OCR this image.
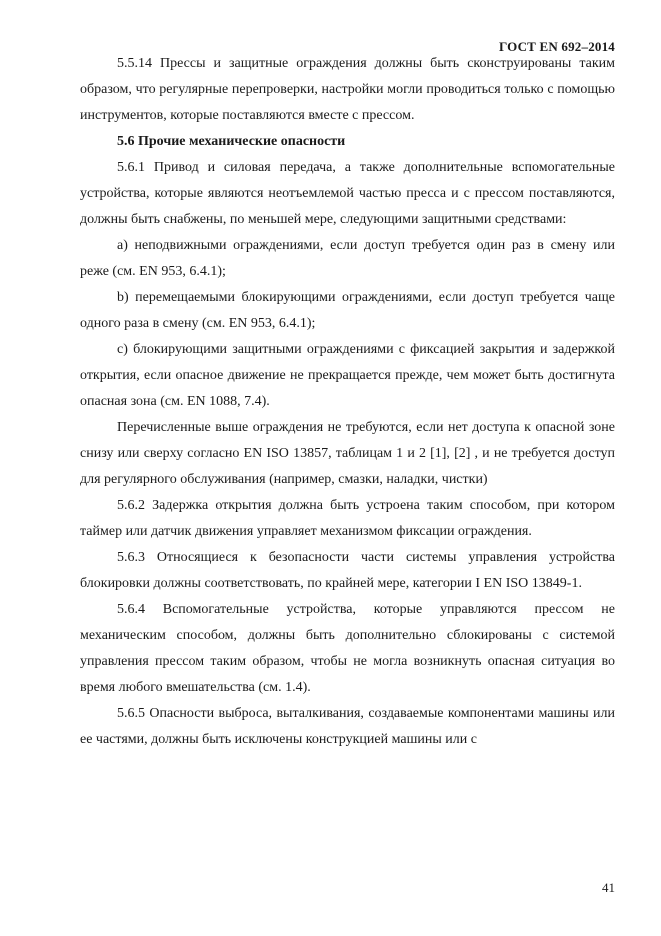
ГОСТ EN 692–2014

5.5.14 Прессы и защитные ограждения должны быть сконструированы таким образом, что регулярные перепроверки, настройки могли проводиться только с помощью инструментов, которые поставляются вместе с прессом.

5.6 Прочие механические опасности

5.6.1 Привод и силовая передача, а также дополнительные вспомогательные устройства, которые являются неотъемлемой частью пресса и с прессом поставляются, должны быть снабжены, по меньшей мере, следующими защитными средствами:

a) неподвижными ограждениями, если доступ требуется один раз в смену или реже (см. EN 953, 6.4.1);

b) перемещаемыми блокирующими ограждениями, если доступ требуется чаще одного раза в смену (см. EN 953, 6.4.1);

c) блокирующими защитными ограждениями с фиксацией закрытия и задержкой открытия, если опасное движение не прекращается прежде, чем может быть достигнута опасная зона (см. EN 1088, 7.4).

Перечисленные выше ограждения не требуются, если нет доступа к опасной зоне снизу или сверху согласно EN ISO 13857, таблицам 1 и 2 [1], [2] , и не требуется доступ для регулярного обслуживания (например, смазки, наладки, чистки)

5.6.2 Задержка открытия должна быть устроена таким способом, при котором таймер или датчик движения управляет механизмом фиксации ограждения.

5.6.3 Относящиеся к безопасности части системы управления устройства блокировки должны соответствовать, по крайней мере, категории I EN ISO 13849-1.

5.6.4 Вспомогательные устройства, которые управляются прессом не механическим способом, должны быть дополнительно сблокированы с системой управления прессом таким образом, чтобы не могла возникнуть опасная ситуация во время любого вмешательства (см. 1.4).

5.6.5 Опасности выброса, выталкивания, создаваемые компонентами машины или ее частями, должны быть исключены конструкцией машины или с

41
